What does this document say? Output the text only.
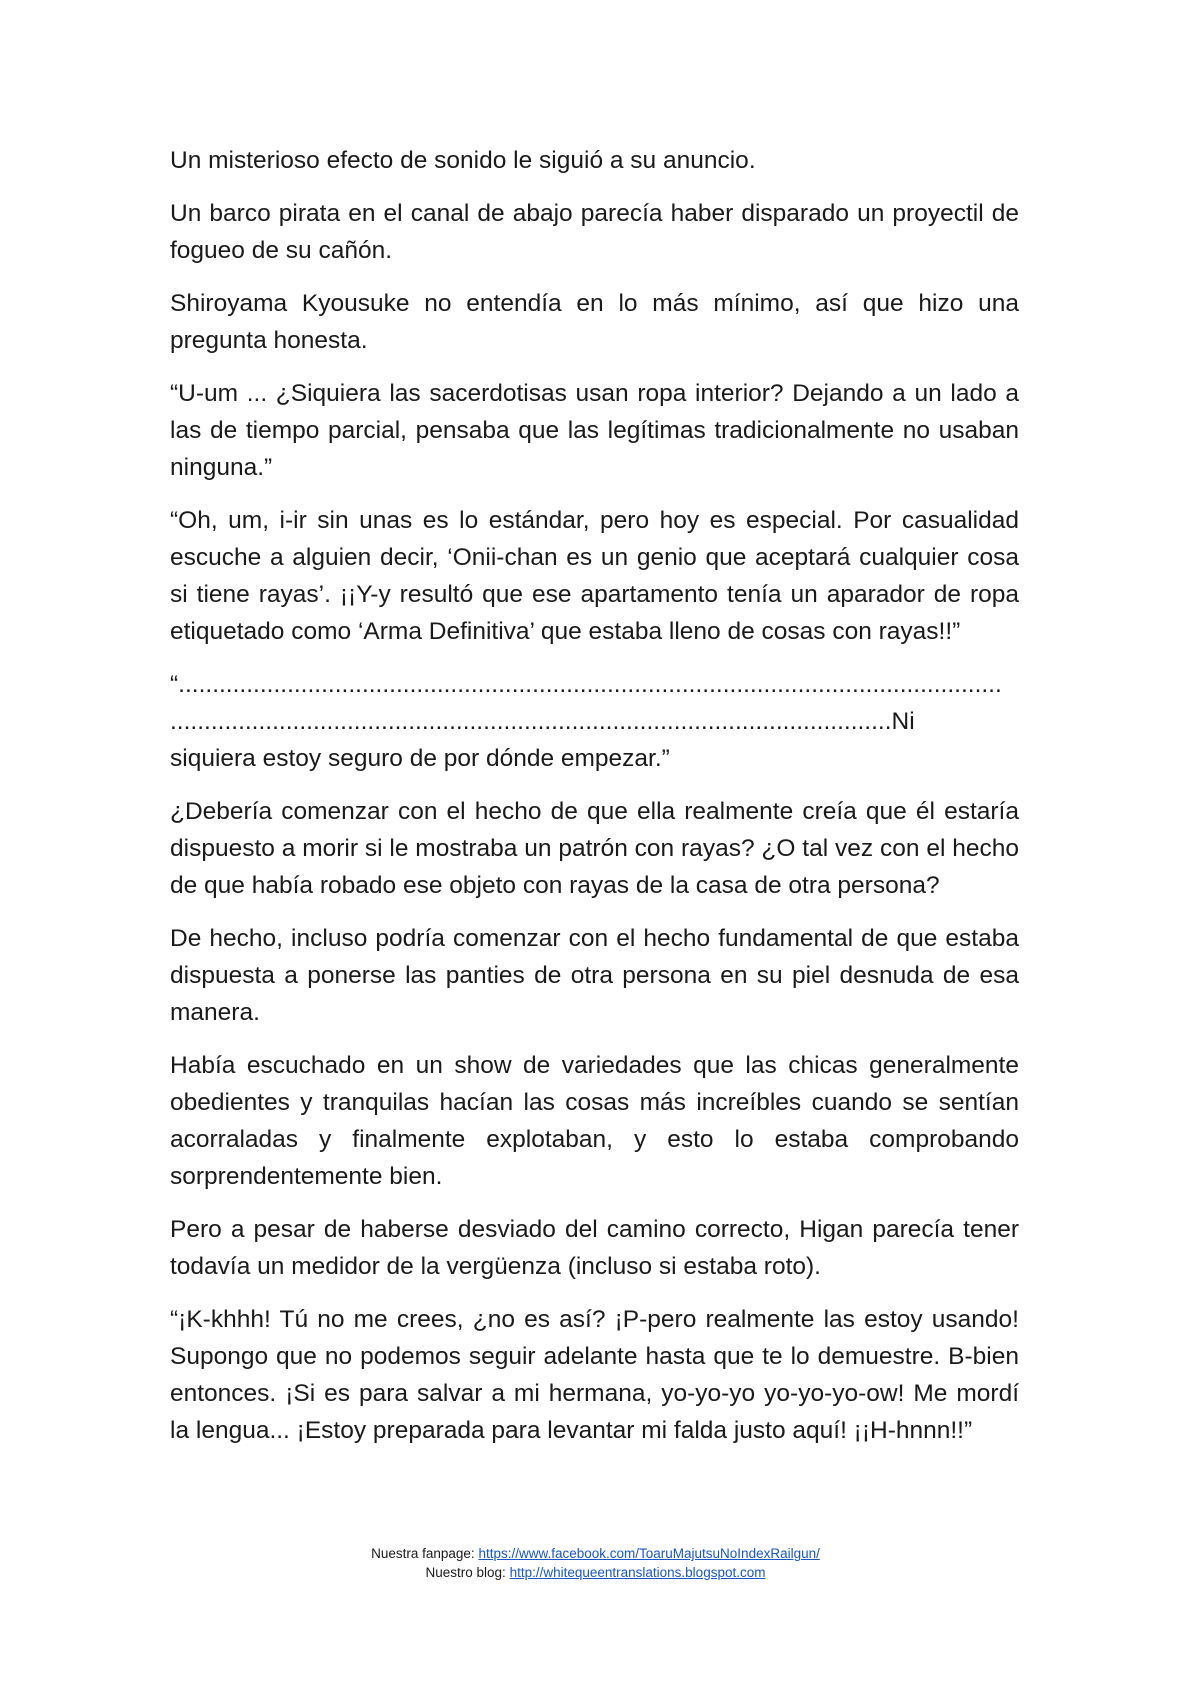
Un misterioso efecto de sonido le siguió a su anuncio.

Un barco pirata en el canal de abajo parecía haber disparado un proyectil de fogueo de su cañón.

Shiroyama Kyousuke no entendía en lo más mínimo, así que hizo una pregunta honesta.

“U-um ... ¿Siquiera las sacerdotisas usan ropa interior? Dejando a un lado a las de tiempo parcial, pensaba que las legítimas tradicionalmente no usaban ninguna.”

“Oh, um, i-ir sin unas es lo estándar, pero hoy es especial. Por casualidad escuche a alguien decir, ‘Onii-chan es un genio que aceptará cualquier cosa si tiene rayas’. ¡¡Y-y resultó que ese apartamento tenía un aparador de ropa etiquetado como ‘Arma Definitiva’ que estaba lleno de cosas con rayas!!”

“.........................................................................................................................
..........................................................................................................Ni
siquiera estoy seguro de por dónde empezar.”

¿Debería comenzar con el hecho de que ella realmente creía que él estaría dispuesto a morir si le mostraba un patrón con rayas? ¿O tal vez con el hecho de que había robado ese objeto con rayas de la casa de otra persona?

De hecho, incluso podría comenzar con el hecho fundamental de que estaba dispuesta a ponerse las panties de otra persona en su piel desnuda de esa manera.

Había escuchado en un show de variedades que las chicas generalmente obedientes y tranquilas hacían las cosas más increíbles cuando se sentían acorraladas y finalmente explotaban, y esto lo estaba comprobando sorprendentemente bien.

Pero a pesar de haberse desviado del camino correcto, Higan parecía tener todavía un medidor de la vergüenza (incluso si estaba roto).

“¡K-khhh! Tú no me crees, ¿no es así? ¡P-pero realmente las estoy usando! Supongo que no podemos seguir adelante hasta que te lo demuestre. B-bien entonces. ¡Si es para salvar a mi hermana, yo-yo-yo yo-yo-yo-ow! Me mordí la lengua... ¡Estoy preparada para levantar mi falda justo aquí! ¡¡H-hnnn!!”

Nuestra fanpage: https://www.facebook.com/ToaruMajutsuNoIndexRailgun/
Nuestro blog: http://whitequeentranslations.blogspot.com
